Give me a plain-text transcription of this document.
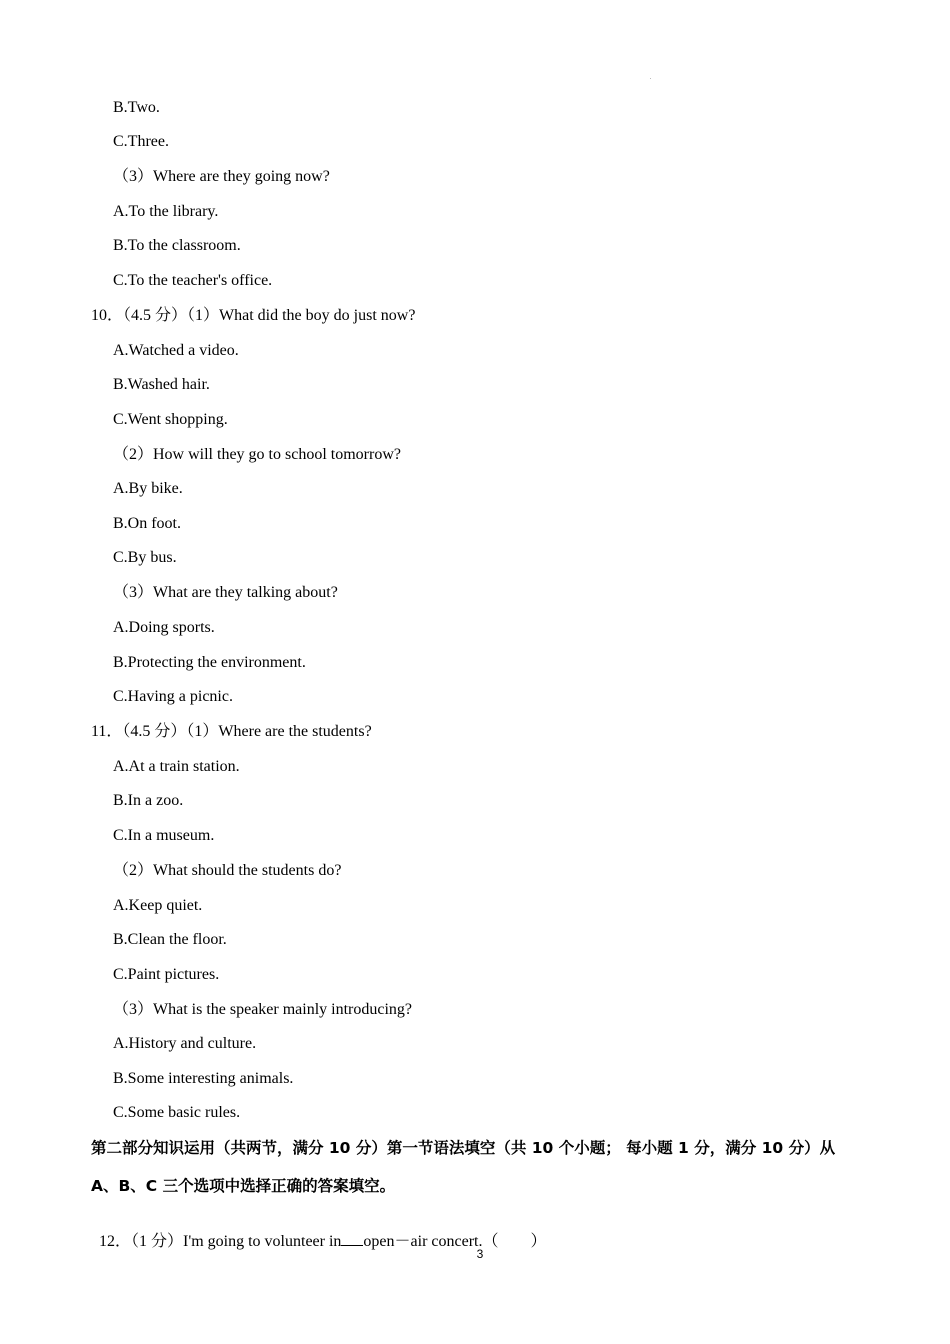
B.Two.
C.Three.
（3）Where are they going now?
A.To the library.
B.To the classroom.
C.To the teacher's office.
10．（4.5 分）（1）What did the boy do just now?
A.Watched a video.
B.Washed hair.
C.Went shopping.
（2）How will they go to school tomorrow?
A.By bike.
B.On foot.
C.By bus.
（3）What are they talking about?
A.Doing sports.
B.Protecting the environment.
C.Having a picnic.
11．（4.5 分）（1）Where are the students?
A.At a train station.
B.In a zoo.
C.In a museum.
（2）What should the students do?
A.Keep quiet.
B.Clean the floor.
C.Paint pictures.
（3）What is the speaker mainly introducing?
A.History and culture.
B.Some interesting animals.
C.Some basic rules.
第二部分知识运用（共两节，满分 10 分）第一节语法填空（共 10 个小题； 每小题 1 分，满分 10 分）从
A、B、C 三个选项中选择正确的答案填空。

12．（1 分）I'm going to volunteer in open－air concert.（        ）

3
